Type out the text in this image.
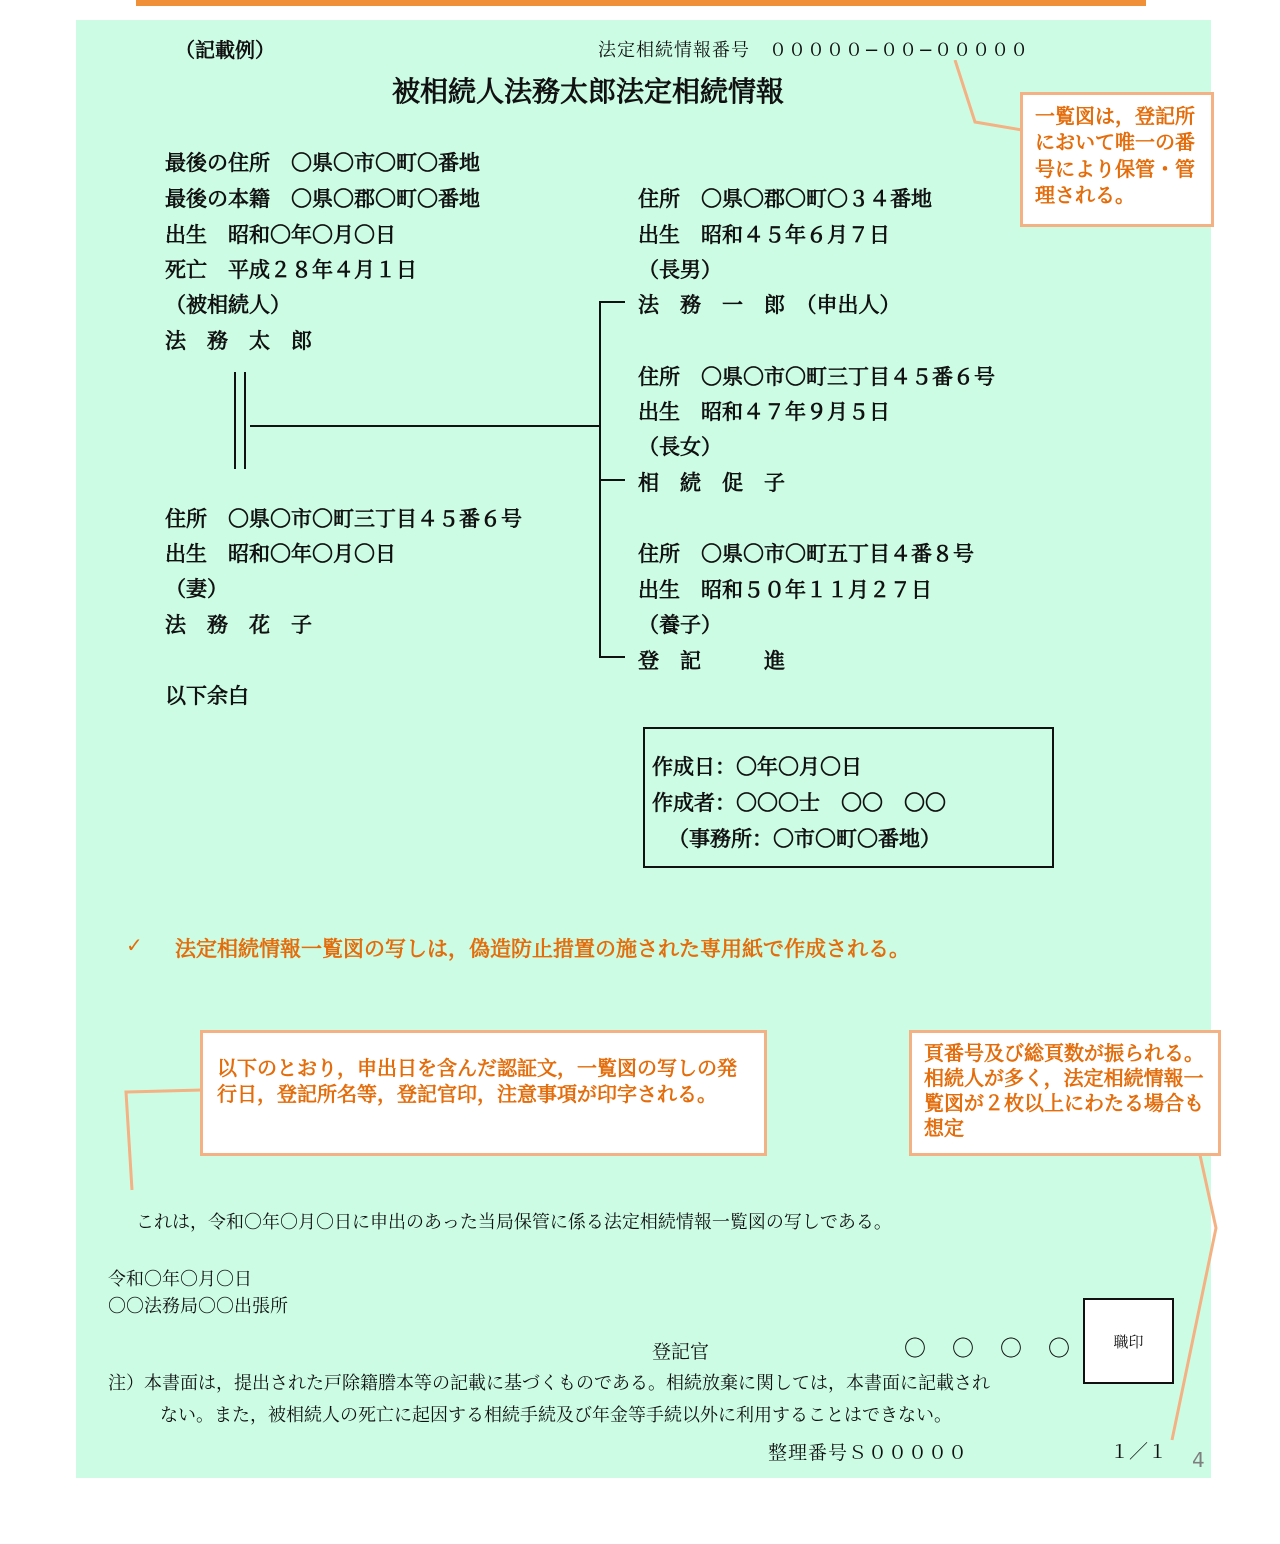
（記載例）	法定相続情報番号　０００００−００−０００００
被相続人法務太郎法定相続情報
最後の住所　〇県〇市〇町〇番地
最後の本籍　〇県〇郡〇町〇番地
出生　昭和〇年〇月〇日
死亡　平成２８年４月１日
（被相続人）
法　務　太　郎
住所　〇県〇市〇町三丁目４５番６号
出生　昭和〇年〇月〇日
（妻）
法　務　花　子
以下余白
住所　〇県〇郡〇町〇３４番地
出生　昭和４５年６月７日
（長男）
法　務　一　郎　（申出人）
住所　〇県〇市〇町三丁目４５番６号
出生　昭和４７年９月５日
（長女）
相　続　促　子
住所　〇県〇市〇町五丁目４番８号
出生　昭和５０年１１月２７日
（養子）
登　記　　　進
作成日：〇年〇月〇日
作成者：〇〇〇士　〇〇　〇〇
（事務所：〇市〇町〇番地）
一覧図は，登記所において唯一の番号により保管・管理される。
✓ 法定相続情報一覧図の写しは，偽造防止措置の施された専用紙で作成される。
以下のとおり，申出日を含んだ認証文，一覧図の写しの発行日，登記所名等，登記官印，注意事項が印字される。
頁番号及び総頁数が振られる。相続人が多く，法定相続情報一覧図が２枚以上にわたる場合も想定
これは，令和〇年〇月〇日に申出のあった当局保管に係る法定相続情報一覧図の写しである。
令和〇年〇月〇日
〇〇法務局〇〇出張所
登記官	〇　〇　〇　〇	職印
注）本書面は，提出された戸除籍謄本等の記載に基づくものである。相続放棄に関しては，本書面に記載され
ない。また，被相続人の死亡に起因する相続手続及び年金等手続以外に利用することはできない。
整理番号Ｓ０００００	１／１ 4
